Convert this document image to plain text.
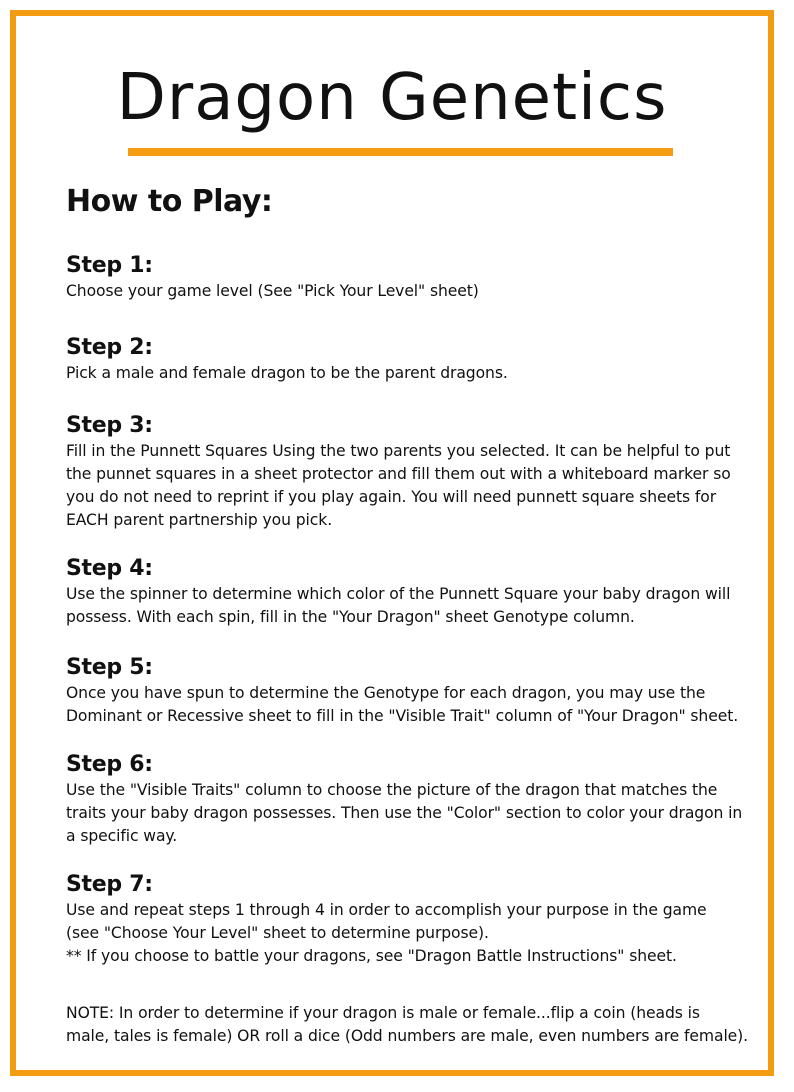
Dragon Genetics
How to Play:
Step 1:
Choose your game level (See "Pick Your Level" sheet)
Step 2:
Pick a male and female dragon to be the parent dragons.
Step 3:
Fill in the Punnett Squares Using the two parents you selected. It can be helpful to put
the punnet squares in a sheet protector and fill them out with a whiteboard marker so
you do not need to reprint if you play again. You will need punnett square sheets for
EACH parent partnership you pick.
Step 4:
Use the spinner to determine which color of the Punnett Square your baby dragon will
possess. With each spin, fill in the "Your Dragon" sheet Genotype column.
Step 5:
Once you have spun to determine the Genotype for each dragon, you may use the
Dominant or Recessive sheet to fill in the "Visible Trait" column of "Your Dragon" sheet.
Step 6:
Use the "Visible Traits" column to choose the picture of the dragon that matches the
traits your baby dragon possesses. Then use the "Color" section to color your dragon in
a specific way.
Step 7:
Use and repeat steps 1 through 4 in order to accomplish your purpose in the game
(see "Choose Your Level" sheet to determine purpose).
** If you choose to battle your dragons, see "Dragon Battle Instructions" sheet.
NOTE: In order to determine if your dragon is male or female...flip a coin (heads is
male, tales is female) OR roll a dice (Odd numbers are male, even numbers are female).
